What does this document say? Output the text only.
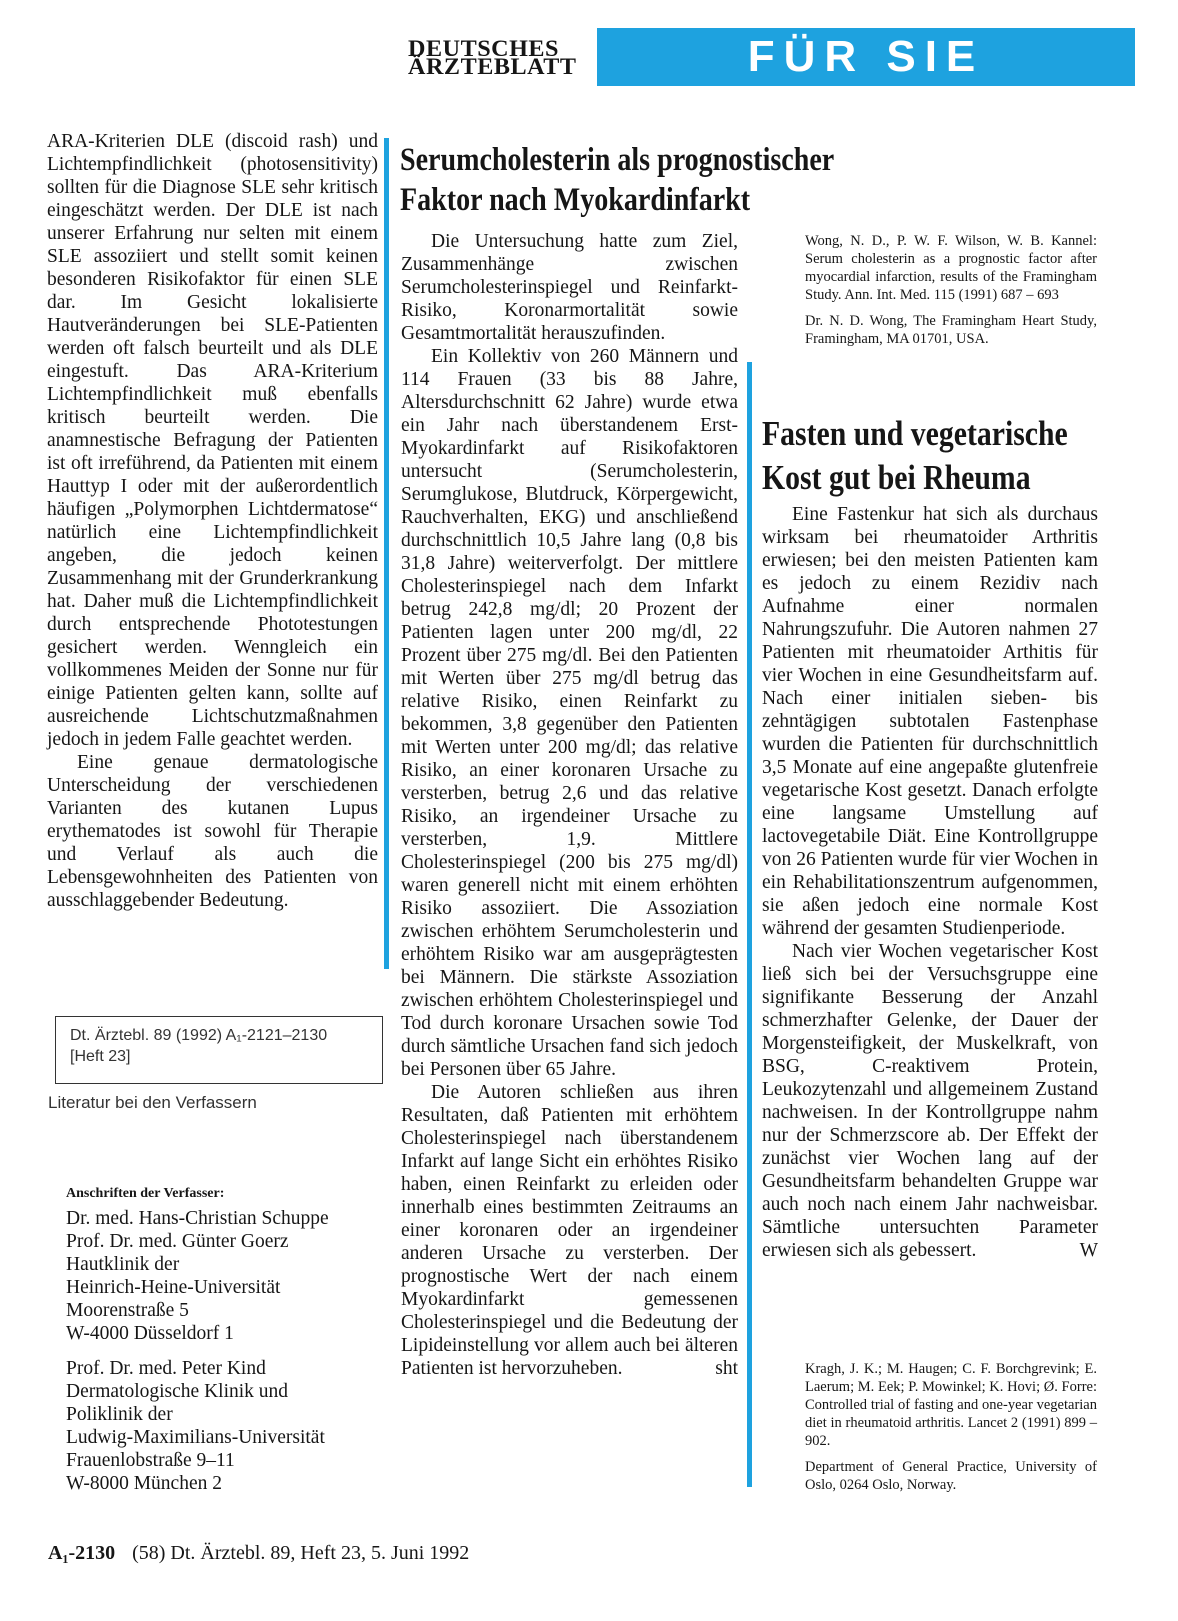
DEUTSCHES
ÄRZTEBLATT	FÜR SIE REFERIERT

ARA-Kriterien DLE (discoid rash) und Lichtempfindlichkeit (photosensitivity) sollten für die Diagnose SLE sehr kritisch eingeschätzt werden. Der DLE ist nach unserer Erfahrung nur selten mit einem SLE assoziiert und stellt somit keinen besonderen Risikofaktor für einen SLE dar. Im Gesicht lokalisierte Hautveränderungen bei SLE-Patienten werden oft falsch beurteilt und als DLE eingestuft. Das ARA-Kriterium Lichtempfindlichkeit muß ebenfalls kritisch beurteilt werden. Die anamnestische Befragung der Patienten ist oft irreführend, da Patienten mit einem Hauttyp I oder mit der außerordentlich häufigen „Polymorphen Lichtdermatose“ natürlich eine Lichtempfindlichkeit angeben, die jedoch keinen Zusammenhang mit der Grunderkrankung hat. Daher muß die Lichtempfindlichkeit durch entsprechende Phototestungen gesichert werden. Wenngleich ein vollkommenes Meiden der Sonne nur für einige Patienten gelten kann, sollte auf ausreichende Lichtschutzmaßnahmen jedoch in jedem Falle geachtet werden.

Eine genaue dermatologische Unterscheidung der verschiedenen Varianten des kutanen Lupus erythematodes ist sowohl für Therapie und Verlauf als auch die Lebensgewohnheiten des Patienten von ausschlaggebender Bedeutung.

Dt. Ärztebl. 89 (1992) A₁-2121–2130
[Heft 23]
Literatur bei den Verfassern
Anschriften der Verfasser:
Dr. med. Hans-Christian Schuppe
Prof. Dr. med. Günter Goerz
Hautklinik der
Heinrich-Heine-Universität
Moorenstraße 5
W-4000 Düsseldorf 1
Prof. Dr. med. Peter Kind
Dermatologische Klinik und
Poliklinik der
Ludwig-Maximilians-Universität
Frauenlobstraße 9–11
W-8000 München 2
Serumcholesterin als prognostischer
Faktor nach Myokardinfarkt

Die Untersuchung hatte zum Ziel, Zusammenhänge zwischen Serumcholesterinspiegel und Reinfarkt-Risiko, Koronarmortalität sowie Gesamtmortalität herauszufinden.

Ein Kollektiv von 260 Männern und 114 Frauen (33 bis 88 Jahre, Altersdurchschnitt 62 Jahre) wurde etwa ein Jahr nach überstandenem Erst-Myokardinfarkt auf Risikofaktoren untersucht (Serumcholesterin, Serumglukose, Blutdruck, Körpergewicht, Rauchverhalten, EKG) und anschließend durchschnittlich 10,5 Jahre lang (0,8 bis 31,8 Jahre) weiterverfolgt. Der mittlere Cholesterinspiegel nach dem Infarkt betrug 242,8 mg/dl; 20 Prozent der Patienten lagen unter 200 mg/dl, 22 Prozent über 275 mg/dl. Bei den Patienten mit Werten über 275 mg/dl betrug das relative Risiko, einen Reinfarkt zu bekommen, 3,8 gegenüber den Patienten mit Werten unter 200 mg/dl; das relative Risiko, an einer koronaren Ursache zu versterben, betrug 2,6 und das relative Risiko, an irgendeiner Ursache zu versterben, 1,9. Mittlere Cholesterinspiegel (200 bis 275 mg/dl) waren generell nicht mit einem erhöhten Risiko assoziiert. Die Assoziation zwischen erhöhtem Serumcholesterin und erhöhtem Risiko war am ausgeprägtesten bei Männern. Die stärkste Assoziation zwischen erhöhtem Cholesterinspiegel und Tod durch koronare Ursachen sowie Tod durch sämtliche Ursachen fand sich jedoch bei Personen über 65 Jahre.

Die Autoren schließen aus ihren Resultaten, daß Patienten mit erhöhtem Cholesterinspiegel nach überstandenem Infarkt auf lange Sicht ein erhöhtes Risiko haben, einen Reinfarkt zu erleiden oder innerhalb eines bestimmten Zeitraums an einer koronaren oder an irgendeiner anderen Ursache zu versterben. Der prognostische Wert der nach einem Myokardinfarkt gemessenen Cholesterinspiegel und die Bedeutung der Lipideinstellung vor allem auch bei älteren Patienten ist hervorzuheben.	sht

Wong, N. D., P. W. F. Wilson, W. B. Kannel: Serum cholesterin as a prognostic factor after myocardial infarction, results of the Framingham Study. Ann. Int. Med. 115 (1991) 687 – 693

Dr. N. D. Wong, The Framingham Heart Study, Framingham, MA 01701, USA.

Fasten und vegetarische
Kost gut bei Rheuma

Eine Fastenkur hat sich als durchaus wirksam bei rheumatoider Arthritis erwiesen; bei den meisten Patienten kam es jedoch zu einem Rezidiv nach Aufnahme einer normalen Nahrungszufuhr. Die Autoren nahmen 27 Patienten mit rheumatoider Arthitis für vier Wochen in eine Gesundheitsfarm auf. Nach einer initialen sieben- bis zehntägigen subtotalen Fastenphase wurden die Patienten für durchschnittlich 3,5 Monate auf eine angepaßte glutenfreie vegetarische Kost gesetzt. Danach erfolgte eine langsame Umstellung auf lactovegetabile Diät. Eine Kontrollgruppe von 26 Patienten wurde für vier Wochen in ein Rehabilitationszentrum aufgenommen, sie aßen jedoch eine normale Kost während der gesamten Studienperiode.

Nach vier Wochen vegetarischer Kost ließ sich bei der Versuchsgruppe eine signifikante Besserung der Anzahl schmerzhafter Gelenke, der Dauer der Morgensteifigkeit, der Muskelkraft, von BSG, C-reaktivem Protein, Leukozytenzahl und allgemeinem Zustand nachweisen. In der Kontrollgruppe nahm nur der Schmerzscore ab. Der Effekt der zunächst vier Wochen lang auf der Gesundheitsfarm behandelten Gruppe war auch noch nach einem Jahr nachweisbar. Sämtliche untersuchten Parameter erwiesen sich als gebessert.	W

Kragh, J. K.; M. Haugen; C. F. Borchgrevink; E. Laerum; M. Eek; P. Mowinkel; K. Hovi; Ø. Forre: Controlled trial of fasting and one-year vegetarian diet in rheumatoid arthritis. Lancet 2 (1991) 899 – 902.

Department of General Practice, University of Oslo, 0264 Oslo, Norway.

A₁-2130 (58) Dt. Ärztebl. 89, Heft 23, 5. Juni 1992
